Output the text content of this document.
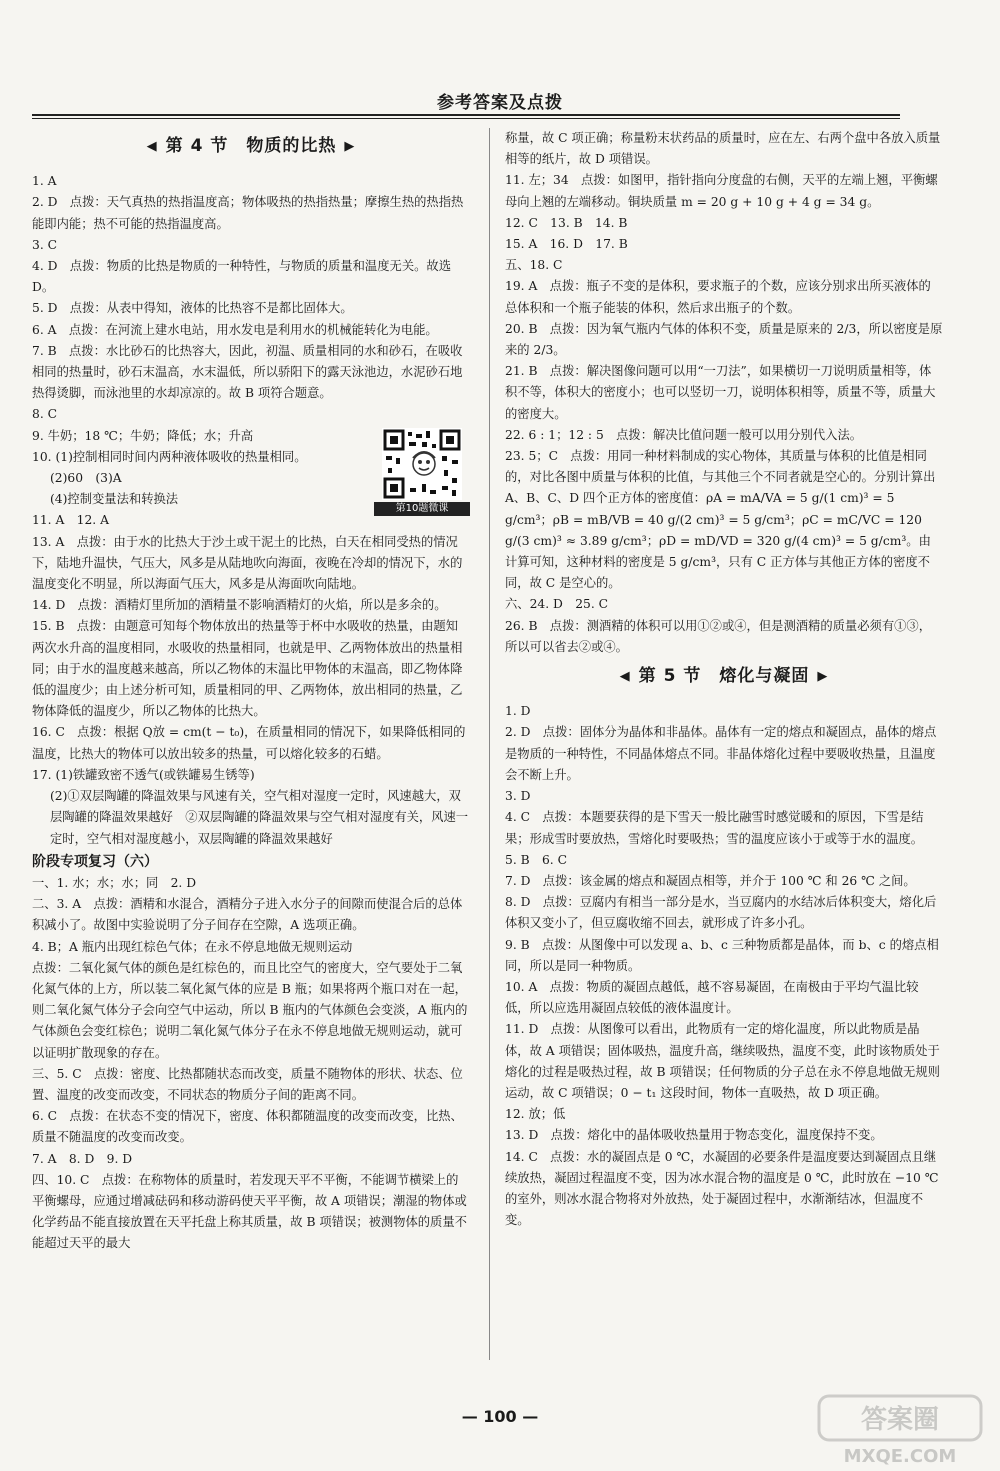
参考答案及点拨
◀ 第 4 节　物质的比热 ▶

1. A

2. D　点拨：天气真热的热指温度高；物体吸热的热指热量；摩擦生热的热指热能即内能；热不可能的热指温度高。

3. C

4. D　点拨：物质的比热是物质的一种特性，与物质的质量和温度无关。故选 D。

5. D　点拨：从表中得知，液体的比热容不是都比固体大。

6. A　点拨：在河流上建水电站，用水发电是利用水的机械能转化为电能。

7. B　点拨：水比砂石的比热容大，因此，初温、质量相同的水和砂石，在吸收相同的热量时，砂石末温高，水末温低，所以骄阳下的露天泳池边，水泥砂石地热得烫脚，而泳池里的水却凉凉的。故 B 项符合题意。

8. C

第10题微课

9. 牛奶；18 ℃；牛奶；降低；水；升高

10. (1)控制相同时间内两种液体吸收的热量相同。

(2)60　(3)A

(4)控制变量法和转换法

11. A　12. A

13. A　点拨：由于水的比热大于沙土或干泥土的比热，白天在相同受热的情况下，陆地升温快，气压大，风多是从陆地吹向海面，夜晚在冷却的情况下，水的温度变化不明显，所以海面气压大，风多是从海面吹向陆地。

14. D　点拨：酒精灯里所加的酒精量不影响酒精灯的火焰，所以是多余的。

15. B　点拨：由题意可知每个物体放出的热量等于杯中水吸收的热量，由题知两次水升高的温度相同，水吸收的热量相同，也就是甲、乙两物体放出的热量相同；由于水的温度越来越高，所以乙物体的末温比甲物体的末温高，即乙物体降低的温度少；由上述分析可知，质量相同的甲、乙两物体，放出相同的热量，乙物体降低的温度少，所以乙物体的比热大。

16. C　点拨：根据 Q放 = cm(t − t₀)，在质量相同的情况下，如果降低相同的温度，比热大的物体可以放出较多的热量，可以熔化较多的石蜡。

17. (1)铁罐致密不透气(或铁罐易生锈等)

(2)①双层陶罐的降温效果与风速有关，空气相对湿度一定时，风速越大，双层陶罐的降温效果越好　②双层陶罐的降温效果与空气相对湿度有关，风速一定时，空气相对湿度越小，双层陶罐的降温效果越好

阶段专项复习（六）

一、1. 水；水；水；同　2. D

二、3. A　点拨：酒精和水混合，酒精分子进入水分子的间隙而使混合后的总体积减小了。故图中实验说明了分子间存在空隙，A 选项正确。

4. B；A 瓶内出现红棕色气体；在永不停息地做无规则运动

点拨：二氧化氮气体的颜色是红棕色的，而且比空气的密度大，空气要处于二氧化氮气体的上方，所以装二氧化氮气体的应是 B 瓶；如果将两个瓶口对在一起，则二氧化氮气体分子会向空气中运动，所以 B 瓶内的气体颜色会变淡，A 瓶内的气体颜色会变红棕色；说明二氧化氮气体分子在永不停息地做无规则运动，就可以证明扩散现象的存在。

三、5. C　点拨：密度、比热都随状态而改变，质量不随物体的形状、状态、位置、温度的改变而改变，不同状态的物质分子间的距离不同。

6. C　点拨：在状态不变的情况下，密度、体积都随温度的改变而改变，比热、质量不随温度的改变而改变。

7. A　8. D　9. D

四、10. C　点拨：在称物体的质量时，若发现天平不平衡，不能调节横梁上的平衡螺母，应通过增减砝码和移动游码使天平平衡，故 A 项错误；潮湿的物体或化学药品不能直接放置在天平托盘上称其质量，故 B 项错误；被测物体的质量不能超过天平的最大

称量，故 C 项正确；称量粉末状药品的质量时，应在左、右两个盘中各放入质量相等的纸片，故 D 项错误。

11. 左；34　点拨：如图甲，指针指向分度盘的右侧，天平的左端上翘，平衡螺母向上翘的左端移动。铜块质量 m = 20 g + 10 g + 4 g = 34 g。

12. C　13. B　14. B

15. A　16. D　17. B

五、18. C

19. A　点拨：瓶子不变的是体积，要求瓶子的个数，应该分别求出所买液体的总体积和一个瓶子能装的体积，然后求出瓶子的个数。

20. B　点拨：因为氧气瓶内气体的体积不变，质量是原来的 2/3，所以密度是原来的 2/3。

21. B　点拨：解决图像问题可以用“一刀法”，如果横切一刀说明质量相等，体积不等，体积大的密度小；也可以竖切一刀，说明体积相等，质量不等，质量大的密度大。

22. 6 : 1；12 : 5　点拨：解决比值问题一般可以用分别代入法。

23. 5；C　点拨：用同一种材料制成的实心物体，其质量与体积的比值是相同的，对比各图中质量与体积的比值，与其他三个不同者就是空心的。分别计算出 A、B、C、D 四个正方体的密度值：ρA = mA/VA = 5 g/(1 cm)³ = 5 g/cm³；ρB = mB/VB = 40 g/(2 cm)³ = 5 g/cm³；ρC = mC/VC = 120 g/(3 cm)³ ≈ 3.89 g/cm³；ρD = mD/VD = 320 g/(4 cm)³ = 5 g/cm³。由计算可知，这种材料的密度是 5 g/cm³，只有 C 正方体与其他正方体的密度不同，故 C 是空心的。

六、24. D　25. C

26. B　点拨：测酒精的体积可以用①②或④，但是测酒精的质量必须有①③，所以可以省去②或④。

◀ 第 5 节　熔化与凝固 ▶

1. D

2. D　点拨：固体分为晶体和非晶体。晶体有一定的熔点和凝固点，晶体的熔点是物质的一种特性，不同晶体熔点不同。非晶体熔化过程中要吸收热量，且温度会不断上升。

3. D

4. C　点拨：本题要获得的是下雪天一般比融雪时感觉暖和的原因，下雪是结果；形成雪时要放热，雪熔化时要吸热；雪的温度应该小于或等于水的温度。

5. B　6. C

7. D　点拨：该金属的熔点和凝固点相等，并介于 100 ℃ 和 26 ℃ 之间。

8. D　点拨：豆腐内有相当一部分是水，当豆腐内的水结冰后体积变大，熔化后体积又变小了，但豆腐收缩不回去，就形成了许多小孔。

9. B　点拨：从图像中可以发现 a、b、c 三种物质都是晶体，而 b、c 的熔点相同，所以是同一种物质。

10. A　点拨：物质的凝固点越低，越不容易凝固，在南极由于平均气温比较低，所以应选用凝固点较低的液体温度计。

11. D　点拨：从图像可以看出，此物质有一定的熔化温度，所以此物质是晶体，故 A 项错误；固体吸热，温度升高，继续吸热，温度不变，此时该物质处于熔化的过程是吸热过程，故 B 项错误；任何物质的分子总在永不停息地做无规则运动，故 C 项错误；0 − t₁ 这段时间，物体一直吸热，故 D 项正确。

12. 放；低

13. D　点拨：熔化中的晶体吸收热量用于物态变化，温度保持不变。

14. C　点拨：水的凝固点是 0 ℃，水凝固的必要条件是温度要达到凝固点且继续放热，凝固过程温度不变，因为冰水混合物的温度是 0 ℃，此时放在 −10 ℃ 的室外，则冰水混合物将对外放热，处于凝固过程中，水渐渐结冰，但温度不变。

— 100 —	答案圈
MXQE.COM
